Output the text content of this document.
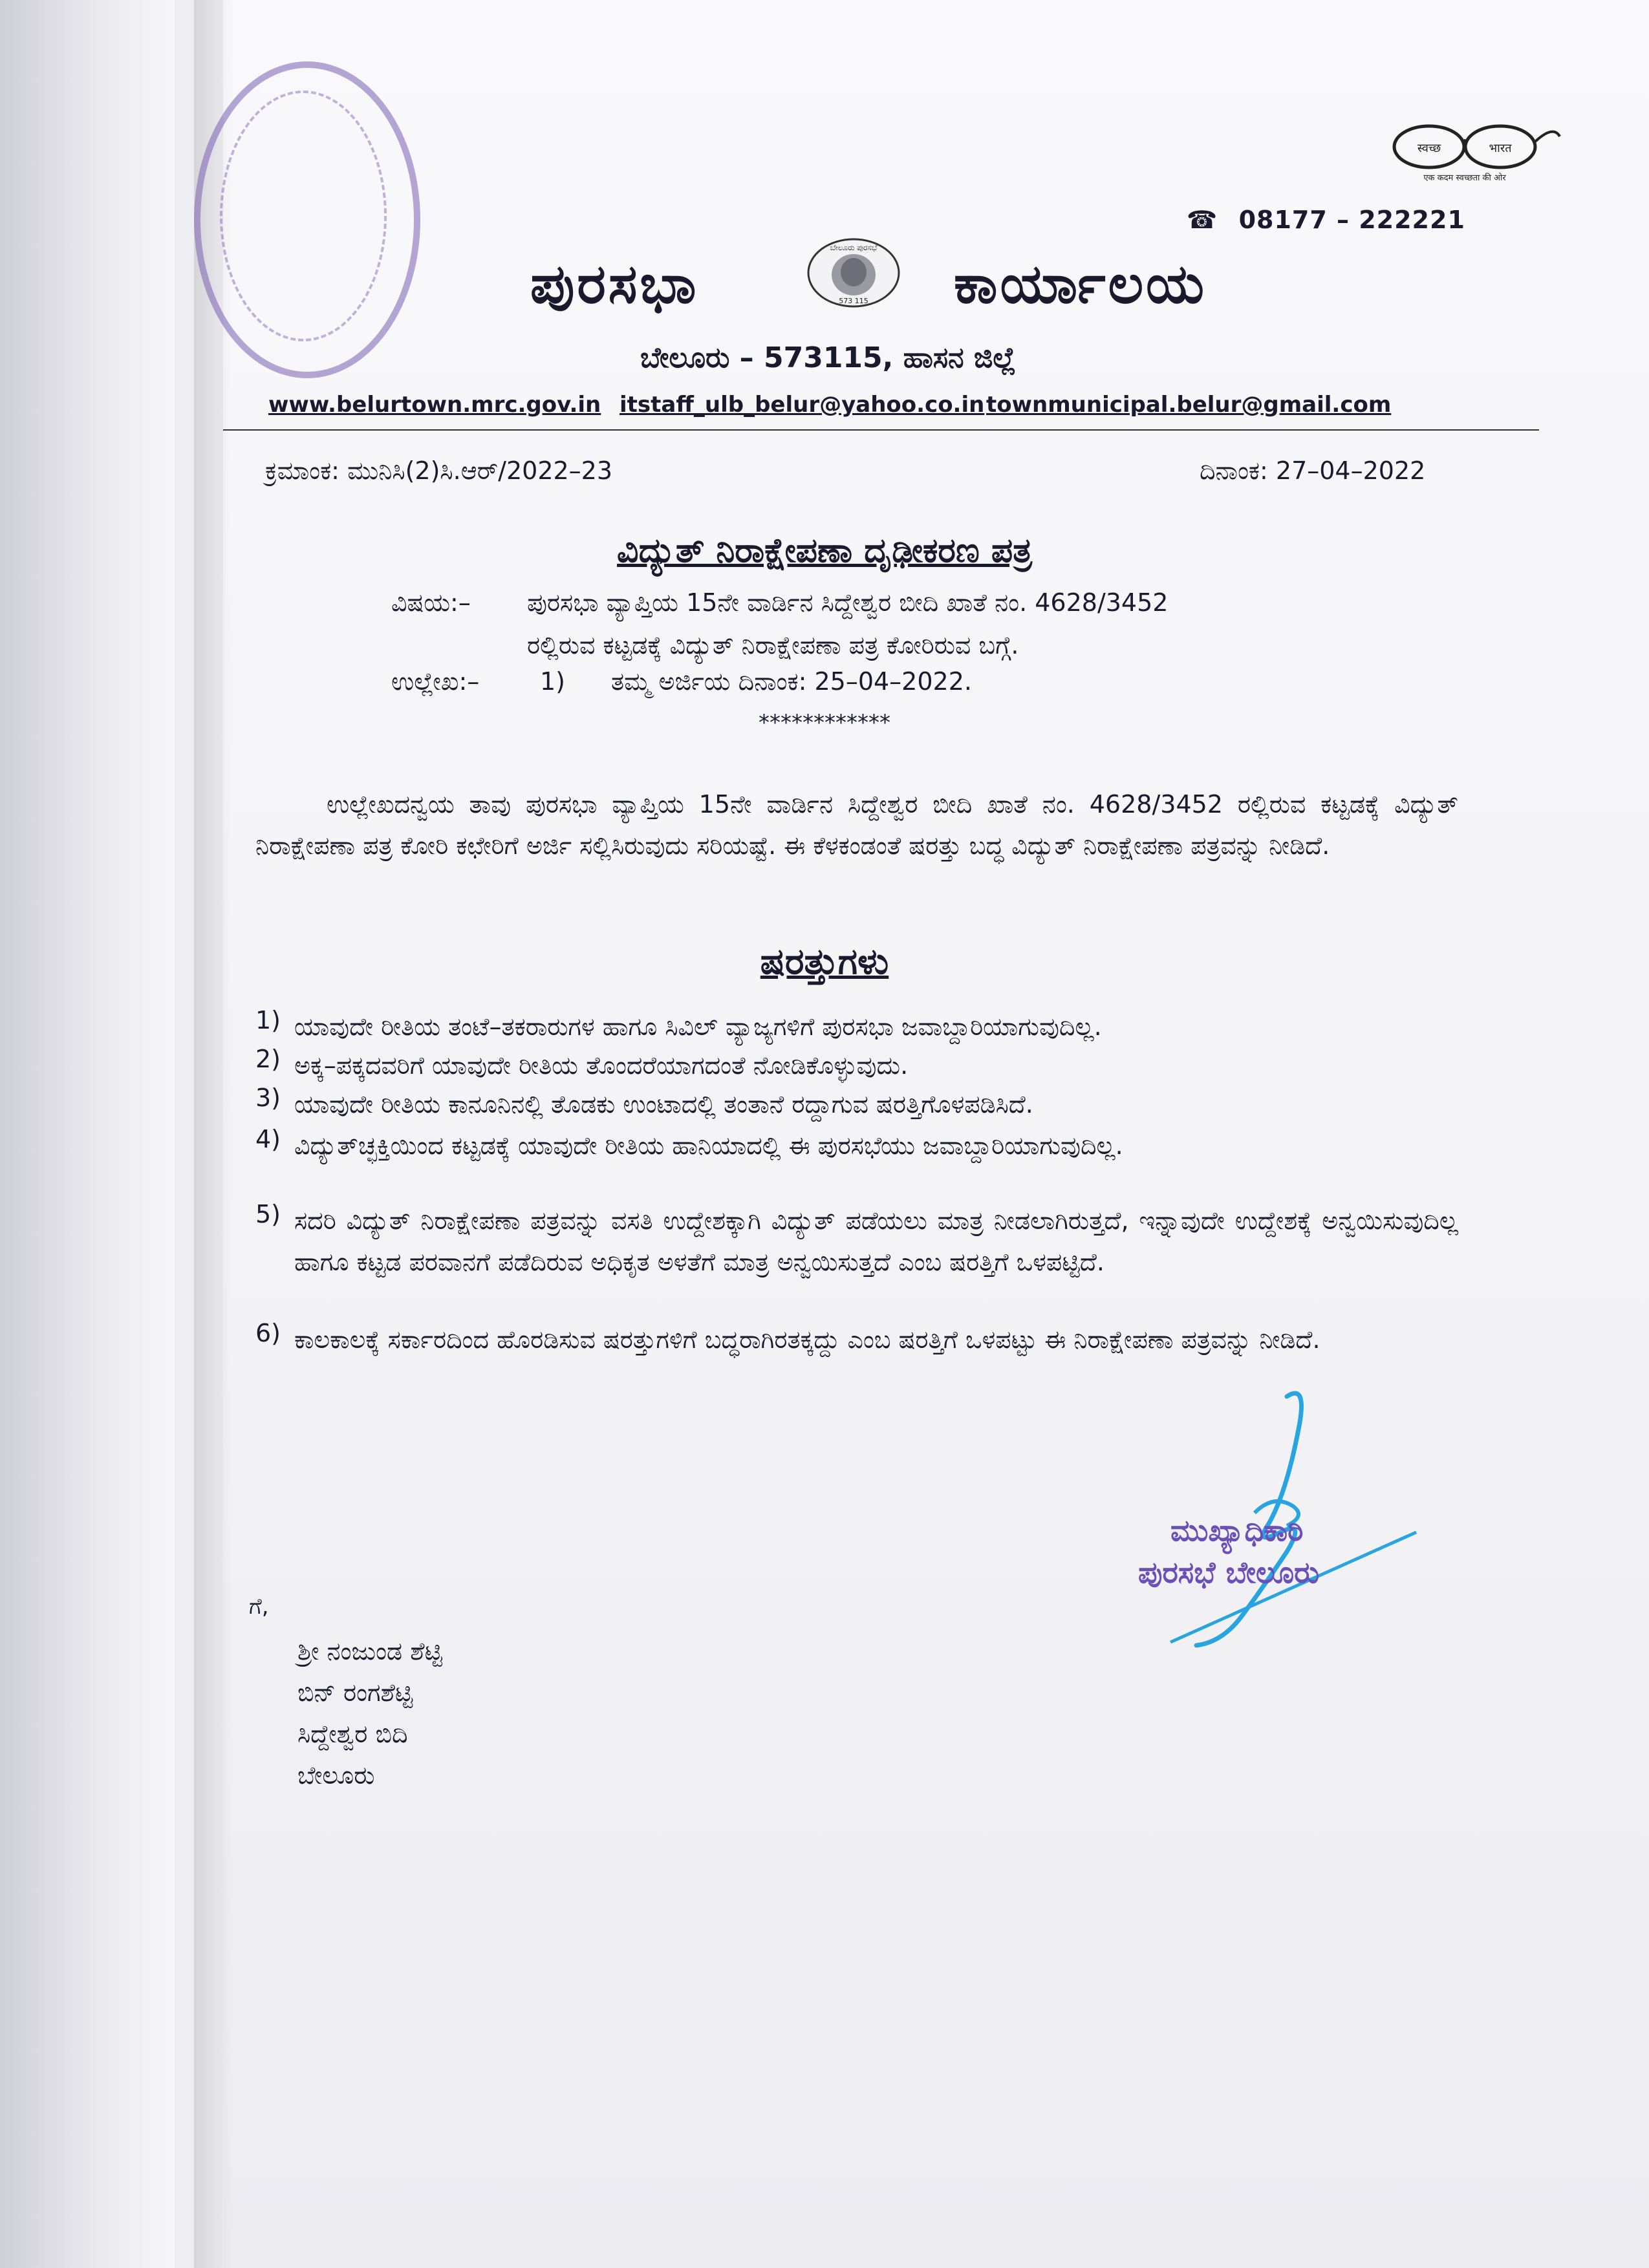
स्वच्छ	भारत
एक कदम स्वच्छता की ओर
☎ 08177 – 222221
ಪುರಸಭಾ
ಬೇಲೂರು ಪುರಸಭೆ
573 115 ಕಾರ್ಯಾಲಯ
ಬೇಲೂರು – 573115, ಹಾಸನ ಜಿಲ್ಲೆ
www.belurtown.mrc.gov.in itstaff_ulb_belur@yahoo.co.in townmunicipal.belur@gmail.com
ಕ್ರಮಾಂಕ: ಮುನಿಸಿ(2)ಸಿ.ಆರ್/2022–23	ದಿನಾಂಕ: 27–04–2022
ವಿದ್ಯುತ್ ನಿರಾಕ್ಷೇಪಣಾ ದೃಢೀಕರಣ ಪತ್ರ
ವಿಷಯ:– ಪುರಸಭಾ ವ್ಯಾಪ್ತಿಯ 15ನೇ ವಾರ್ಡಿನ ಸಿದ್ದೇಶ್ವರ ಬೀದಿ ಖಾತೆ ನಂ. 4628/3452
ರಲ್ಲಿರುವ ಕಟ್ಟಡಕ್ಕೆ ವಿದ್ಯುತ್ ನಿರಾಕ್ಷೇಪಣಾ ಪತ್ರ ಕೋರಿರುವ ಬಗ್ಗೆ.
ಉಲ್ಲೇಖ:– 1) ತಮ್ಮ ಅರ್ಜಿಯ ದಿನಾಂಕ: 25–04–2022.
************
ಉಲ್ಲೇಖದನ್ವಯ ತಾವು ಪುರಸಭಾ ವ್ಯಾಪ್ತಿಯ 15ನೇ ವಾರ್ಡಿನ ಸಿದ್ದೇಶ್ವರ ಬೀದಿ ಖಾತೆ ನಂ. 4628/3452 ರಲ್ಲಿರುವ ಕಟ್ಟಡಕ್ಕೆ ವಿದ್ಯುತ್ ನಿರಾಕ್ಷೇಪಣಾ ಪತ್ರ ಕೋರಿ ಕಛೇರಿಗೆ ಅರ್ಜಿ ಸಲ್ಲಿಸಿರುವುದು ಸರಿಯಷ್ಟೆ. ಈ ಕೆಳಕಂಡಂತೆ ಷರತ್ತು ಬದ್ಧ ವಿದ್ಯುತ್ ನಿರಾಕ್ಷೇಪಣಾ ಪತ್ರವನ್ನು ನೀಡಿದೆ.
ಷರತ್ತುಗಳು
1) ಯಾವುದೇ ರೀತಿಯ ತಂಟೆ–ತಕರಾರುಗಳ ಹಾಗೂ ಸಿವಿಲ್ ವ್ಯಾಜ್ಯಗಳಿಗೆ ಪುರಸಭಾ ಜವಾಬ್ದಾರಿಯಾಗುವುದಿಲ್ಲ.
2) ಅಕ್ಕ–ಪಕ್ಕದವರಿಗೆ ಯಾವುದೇ ರೀತಿಯ ತೊಂದರೆಯಾಗದಂತೆ ನೋಡಿಕೊಳ್ಳುವುದು.
3) ಯಾವುದೇ ರೀತಿಯ ಕಾನೂನಿನಲ್ಲಿ ತೊಡಕು ಉಂಟಾದಲ್ಲಿ ತಂತಾನೆ ರದ್ದಾಗುವ ಷರತ್ತಿಗೊಳಪಡಿಸಿದೆ.
4) ವಿದ್ಯುತ್‌ಚ್ಛಕ್ತಿಯಿಂದ ಕಟ್ಟಡಕ್ಕೆ ಯಾವುದೇ ರೀತಿಯ ಹಾನಿಯಾದಲ್ಲಿ ಈ ಪುರಸಭೆಯು ಜವಾಬ್ದಾರಿಯಾಗುವುದಿಲ್ಲ.
5) ಸದರಿ ವಿದ್ಯುತ್ ನಿರಾಕ್ಷೇಪಣಾ ಪತ್ರವನ್ನು ವಸತಿ ಉದ್ದೇಶಕ್ಕಾಗಿ ವಿದ್ಯುತ್ ಪಡೆಯಲು ಮಾತ್ರ ನೀಡಲಾಗಿರುತ್ತದೆ, ಇನ್ನಾವುದೇ ಉದ್ದೇಶಕ್ಕೆ ಅನ್ವಯಿಸುವುದಿಲ್ಲ ಹಾಗೂ ಕಟ್ಟಡ ಪರವಾನಗೆ ಪಡೆದಿರುವ ಅಧಿಕೃತ ಅಳತೆಗೆ ಮಾತ್ರ ಅನ್ವಯಿಸುತ್ತದೆ ಎಂಬ ಷರತ್ತಿಗೆ ಒಳಪಟ್ಟಿದೆ.
6) ಕಾಲಕಾಲಕ್ಕೆ ಸರ್ಕಾರದಿಂದ ಹೊರಡಿಸುವ ಷರತ್ತುಗಳಿಗೆ ಬದ್ಧರಾಗಿರತಕ್ಕದ್ದು ಎಂಬ ಷರತ್ತಿಗೆ ಒಳಪಟ್ಟು ಈ ನಿರಾಕ್ಷೇಪಣಾ ಪತ್ರವನ್ನು ನೀಡಿದೆ.
ಮುಖ್ಯಾಧಿಕಾರಿ
ಪುರಸಭೆ ಬೇಲೂರು
ಗೆ,
ಶ್ರೀ ನಂಜುಂಡ ಶೆಟ್ಟಿ
ಬಿನ್ ರಂಗಶೆಟ್ಟಿ
ಸಿದ್ದೇಶ್ವರ ಬಿದಿ
ಬೇಲೂರು
